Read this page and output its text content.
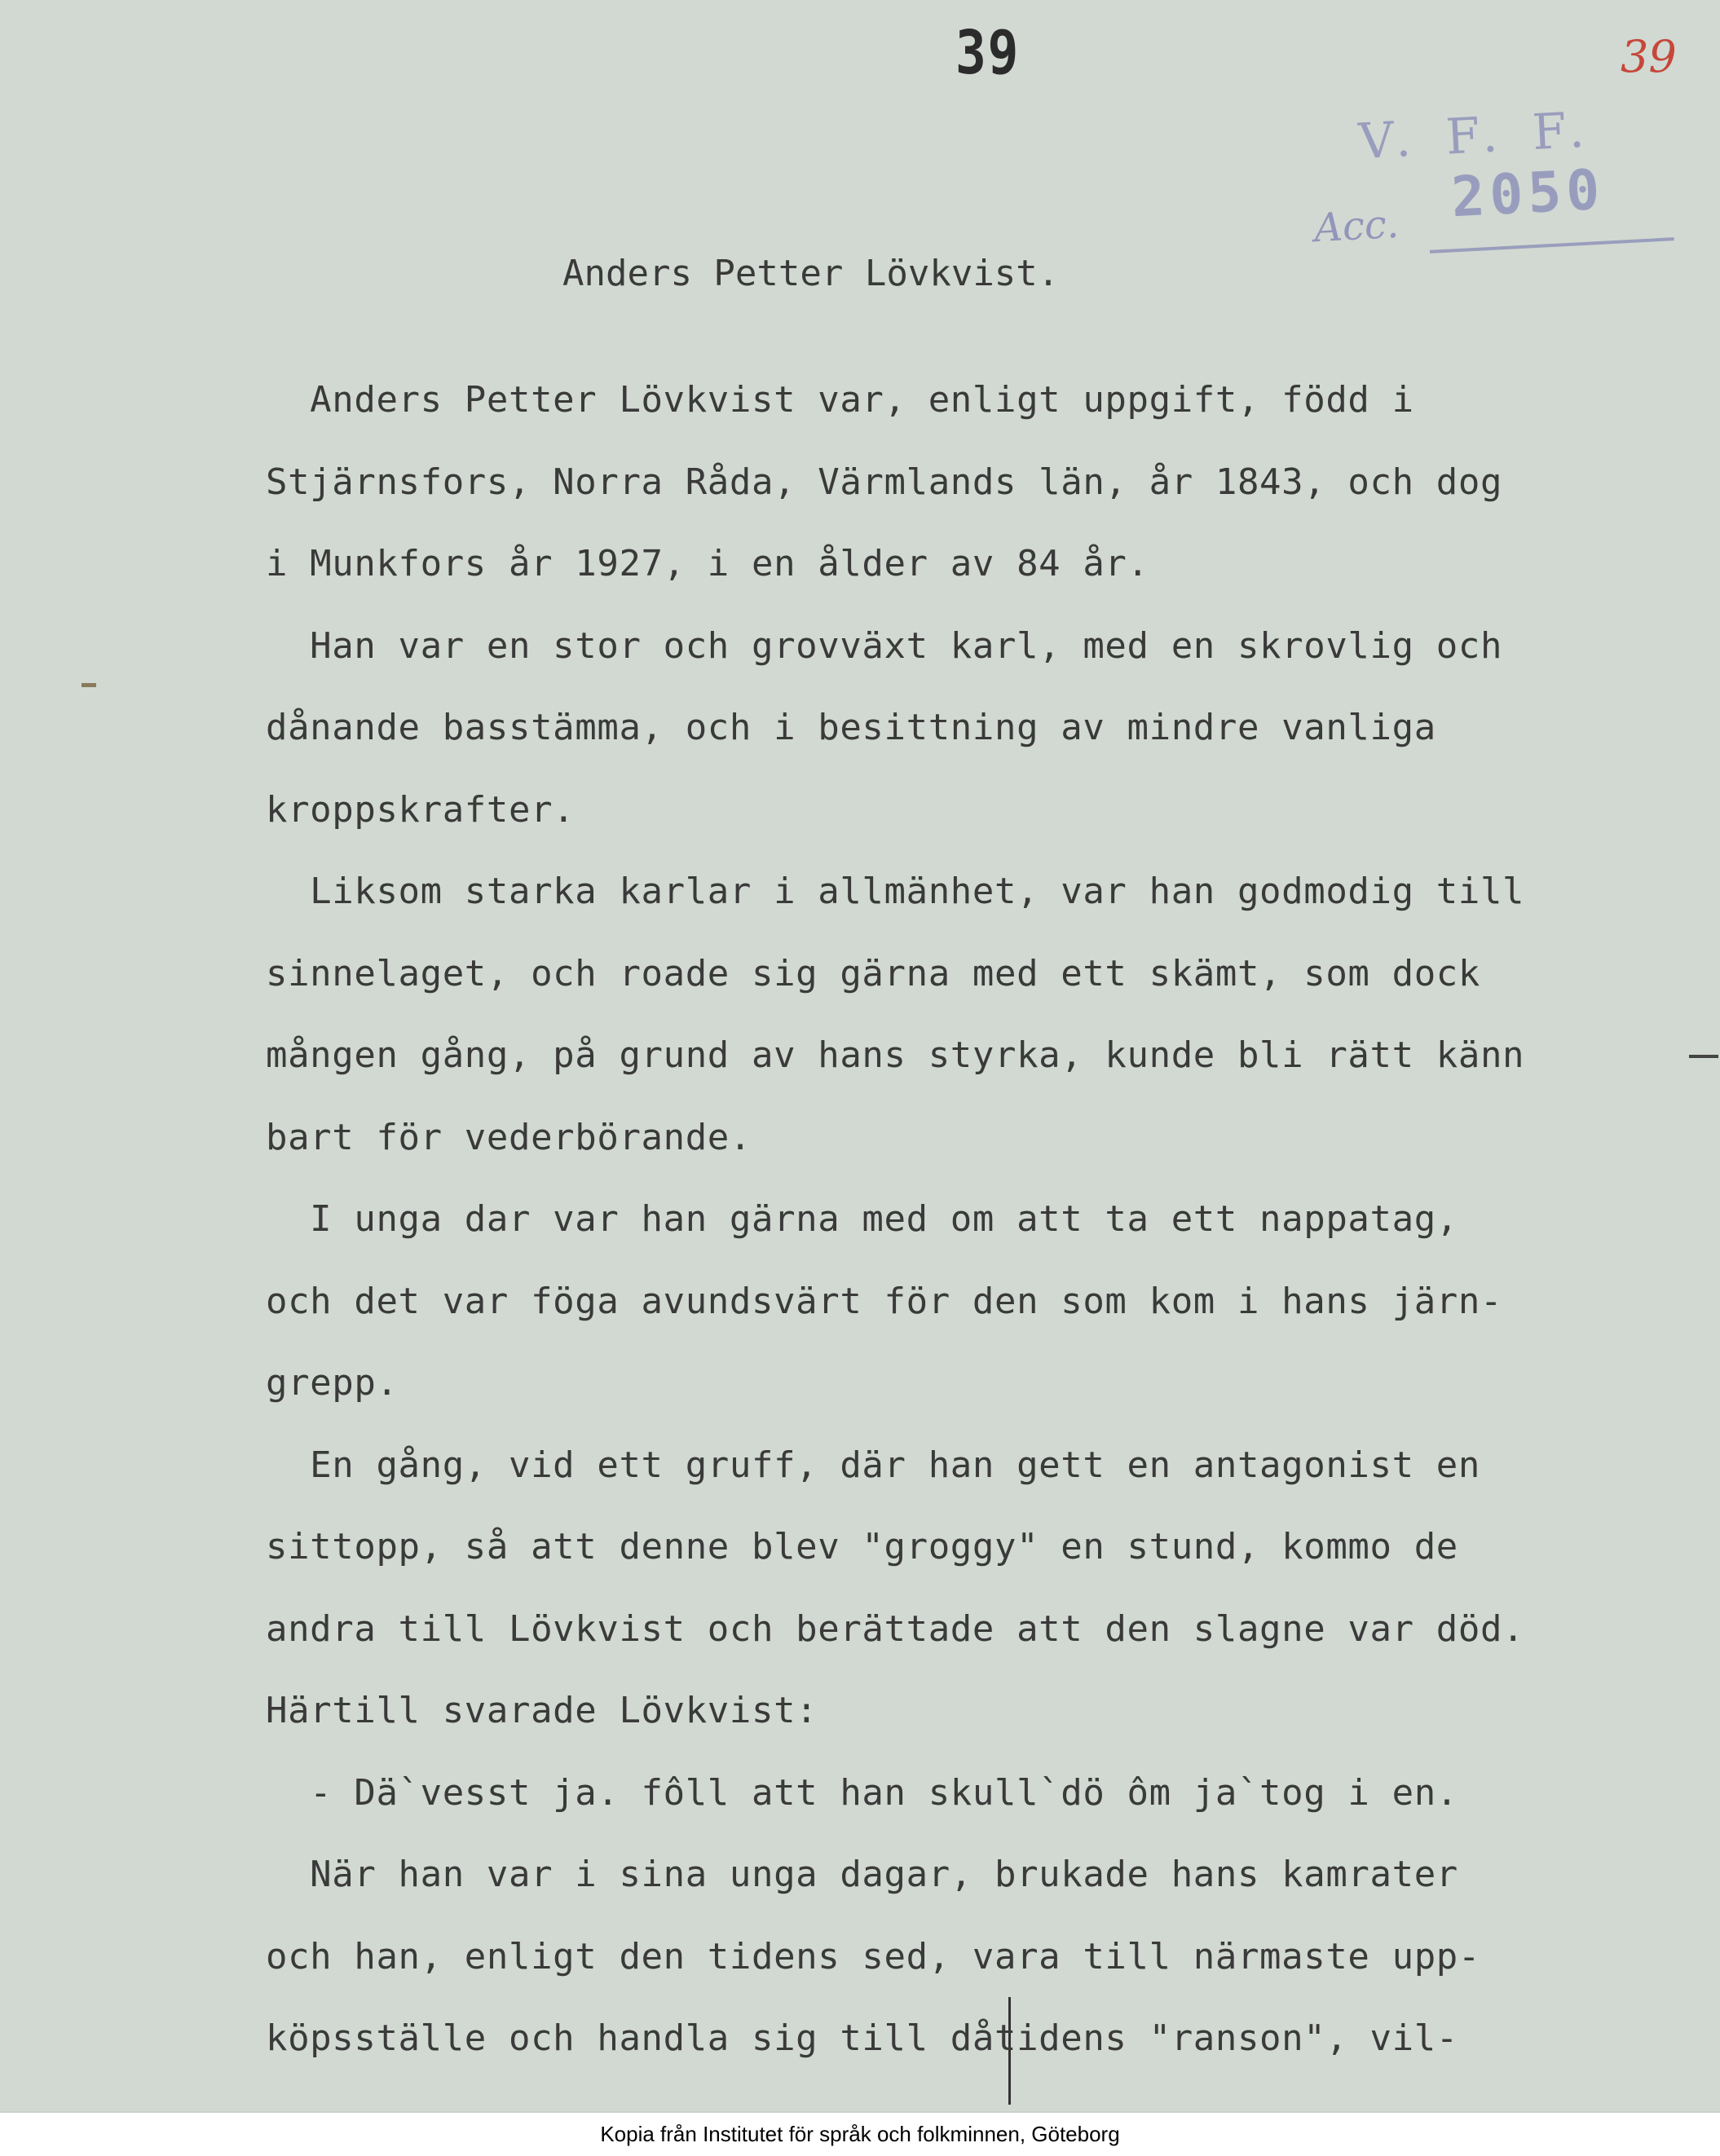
39	39
V. F. F.
2050
Acc.
Anders Petter Lövkvist.
Anders Petter Lövkvist var, enligt uppgift, född i
Stjärnsfors, Norra Råda, Värmlands län, år 1843, och dog
i Munkfors år 1927, i en ålder av 84 år.
Han var en stor och grovväxt karl, med en skrovlig och
dånande basstämma, och i besittning av mindre vanliga
kroppskrafter.
Liksom starka karlar i allmänhet, var han godmodig till
sinnelaget, och roade sig gärna med ett skämt, som dock
mången gång, på grund av hans styrka, kunde bli rätt känn
bart för vederbörande.
I unga dar var han gärna med om att ta ett nappatag,
och det var föga avundsvärt för den som kom i hans järn-
grepp.
En gång, vid ett gruff, där han gett en antagonist en
sittopp, så att denne blev "groggy" en stund, kommo de
andra till Lövkvist och berättade att den slagne var död.
Härtill svarade Lövkvist:
- Dä`vesst ja. fôll att han skull`dö ôm ja`tog i en.
När han var i sina unga dagar, brukade hans kamrater
och han, enligt den tidens sed, vara till närmaste upp-
köpsställe och handla sig till dåtidens "ranson", vil-
Kopia från Institutet för språk och folkminnen, Göteborg
